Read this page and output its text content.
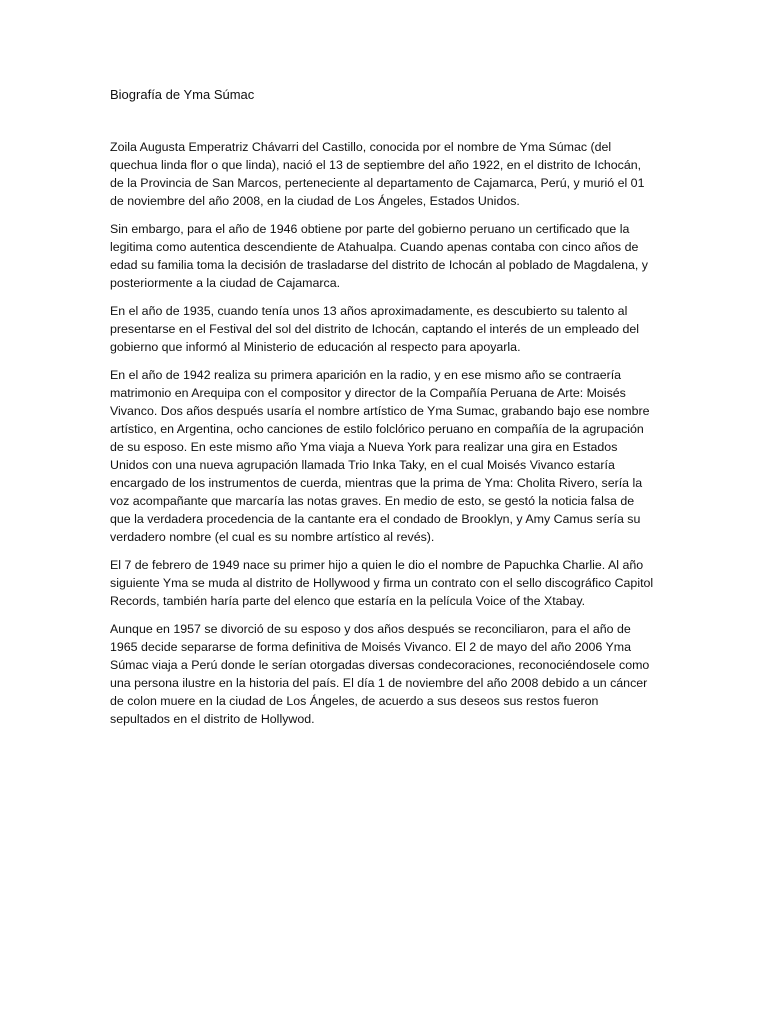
Biografía de Yma Súmac

Zoila Augusta Emperatriz Chávarri del Castillo, conocida por el nombre de Yma Súmac (del quechua linda flor o que linda), nació el 13 de septiembre del año 1922, en el distrito de Ichocán, de la Provincia de San Marcos, perteneciente al departamento de Cajamarca, Perú, y murió el 01 de noviembre del año 2008, en la ciudad de Los Ángeles, Estados Unidos.

Sin embargo, para el año de 1946 obtiene por parte del gobierno peruano un certificado que la legitima como autentica descendiente de Atahualpa. Cuando apenas contaba con cinco años de edad su familia toma la decisión de trasladarse del distrito de Ichocán al poblado de Magdalena, y posteriormente a la ciudad de Cajamarca.

En el año de 1935, cuando tenía unos 13 años aproximadamente, es descubierto su talento al presentarse en el Festival del sol del distrito de Ichocán, captando el interés de un empleado del gobierno que informó al Ministerio de educación al respecto para apoyarla.

En el año de 1942 realiza su primera aparición en la radio, y en ese mismo año se contraería matrimonio en Arequipa con el compositor y director de la Compañía Peruana de Arte: Moisés Vivanco. Dos años después usaría el nombre artístico de Yma Sumac, grabando bajo ese nombre artístico, en Argentina, ocho canciones de estilo folclórico peruano en compañía de la agrupación de su esposo. En este mismo año Yma viaja a Nueva York para realizar una gira en Estados Unidos con una nueva agrupación llamada Trio Inka Taky, en el cual Moisés Vivanco estaría encargado de los instrumentos de cuerda, mientras que la prima de Yma: Cholita Rivero, sería la voz acompañante que marcaría las notas graves. En medio de esto, se gestó la noticia falsa de que la verdadera procedencia de la cantante era el condado de Brooklyn, y Amy Camus sería su verdadero nombre (el cual es su nombre artístico al revés).

El 7 de febrero de 1949 nace su primer hijo a quien le dio el nombre de Papuchka Charlie. Al año siguiente Yma se muda al distrito de Hollywood y firma un contrato con el sello discográfico Capitol Records, también haría parte del elenco que estaría en la película Voice of the Xtabay.

Aunque en 1957 se divorció de su esposo y dos años después se reconciliaron, para el año de 1965 decide separarse de forma definitiva de Moisés Vivanco. El 2 de mayo del año 2006 Yma Súmac viaja a Perú donde le serían otorgadas diversas condecoraciones, reconociéndosele como una persona ilustre en la historia del país. El día 1 de noviembre del año 2008 debido a un cáncer de colon muere en la ciudad de Los Ángeles, de acuerdo a sus deseos sus restos fueron sepultados en el distrito de Hollywod.
